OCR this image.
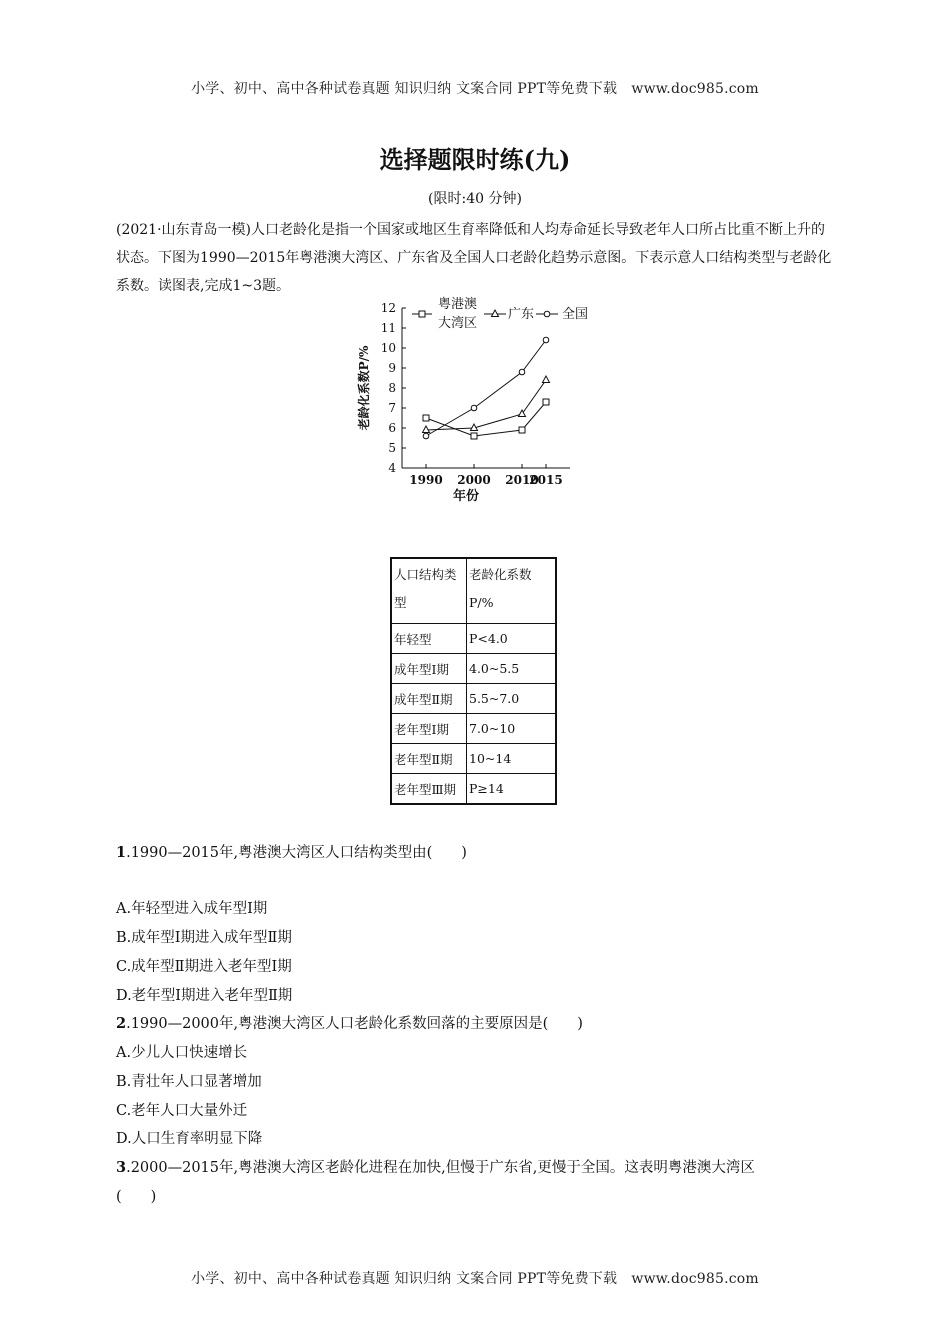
小学、初中、高中各种试卷真题 知识归纳 文案合同 PPT等免费下载　www.doc985.com
选择题限时练(九)
(限时:40 分钟)
(2021·山东青岛一模)人口老龄化是指一个国家或地区生育率降低和人均寿命延长导致老年人口所占比重不断上升的状态。下图为1990—2015年粤港澳大湾区、广东省及全国人口老龄化趋势示意图。下表示意人口结构类型与老龄化系数。读图表,完成1~3题。
4
5
6
7
8
9
10
11
12
1990 2000 2010
2015
年份
老龄化系数P/%
粤港澳
大湾区
广东 全国
人口结构类
型	老龄化系数
P/%
年轻型	P<4.0
成年型Ⅰ期	4.0~5.5
成年型Ⅱ期	5.5~7.0
老年型Ⅰ期	7.0~10
老年型Ⅱ期	10~14
老年型Ⅲ期	P≥14
1.1990—2015年,粤港澳大湾区人口结构类型由(　　)
A.年轻型进入成年型Ⅰ期
B.成年型Ⅰ期进入成年型Ⅱ期
C.成年型Ⅱ期进入老年型Ⅰ期
D.老年型Ⅰ期进入老年型Ⅱ期
2.1990—2000年,粤港澳大湾区人口老龄化系数回落的主要原因是(　　)
A.少儿人口快速增长
B.青壮年人口显著增加
C.老年人口大量外迁
D.人口生育率明显下降
3.2000—2015年,粤港澳大湾区老龄化进程在加快,但慢于广东省,更慢于全国。这表明粤港澳大湾区
(　　)
小学、初中、高中各种试卷真题 知识归纳 文案合同 PPT等免费下载　www.doc985.com
